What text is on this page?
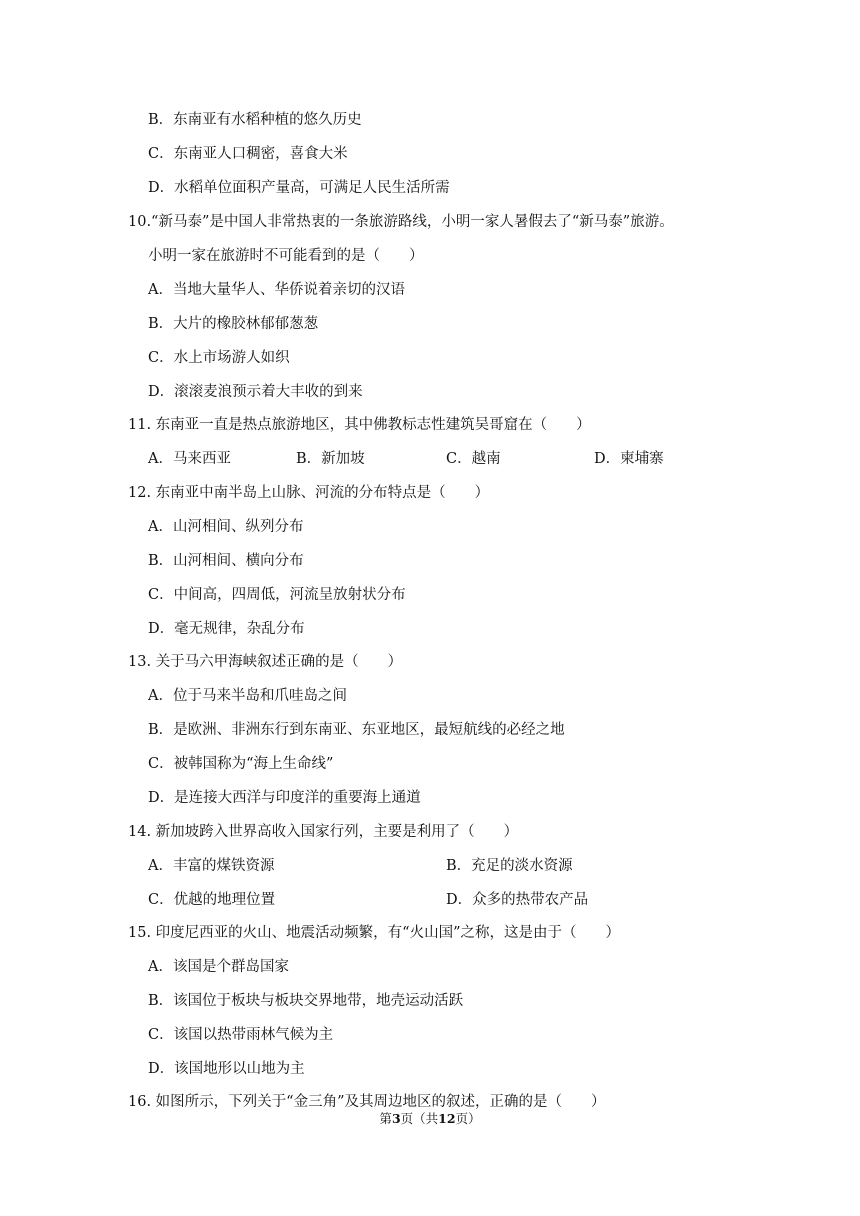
B．东南亚有水稻种植的悠久历史
C．东南亚人口稠密，喜食大米
D．水稻单位面积产量高，可满足人民生活所需
10.“新马泰”是中国人非常热衷的一条旅游路线，小明一家人暑假去了“新马泰”旅游。
小明一家在旅游时不可能看到的是（　　）
A．当地大量华人、华侨说着亲切的汉语
B．大片的橡胶林郁郁葱葱
C．水上市场游人如织
D．滚滚麦浪预示着大丰收的到来
11. 东南亚一直是热点旅游地区，其中佛教标志性建筑吴哥窟在（　　）
A．马来西亚	B．新加坡	C．越南	D．柬埔寨
12. 东南亚中南半岛上山脉、河流的分布特点是（　　）
A．山河相间、纵列分布
B．山河相间、横向分布
C．中间高，四周低，河流呈放射状分布
D．毫无规律，杂乱分布
13. 关于马六甲海峡叙述正确的是（　　）
A．位于马来半岛和爪哇岛之间
B．是欧洲、非洲东行到东南亚、东亚地区，最短航线的必经之地
C．被韩国称为“海上生命线”
D．是连接大西洋与印度洋的重要海上通道
14. 新加坡跨入世界高收入国家行列，主要是利用了（　　）
A．丰富的煤铁资源	B．充足的淡水资源
C．优越的地理位置	D．众多的热带农产品
15. 印度尼西亚的火山、地震活动频繁，有“火山国”之称，这是由于（　　）
A．该国是个群岛国家
B．该国位于板块与板块交界地带，地壳运动活跃
C．该国以热带雨林气候为主
D．该国地形以山地为主
16. 如图所示，下列关于“金三角”及其周边地区的叙述，正确的是（　　）
第3页（共12页）
